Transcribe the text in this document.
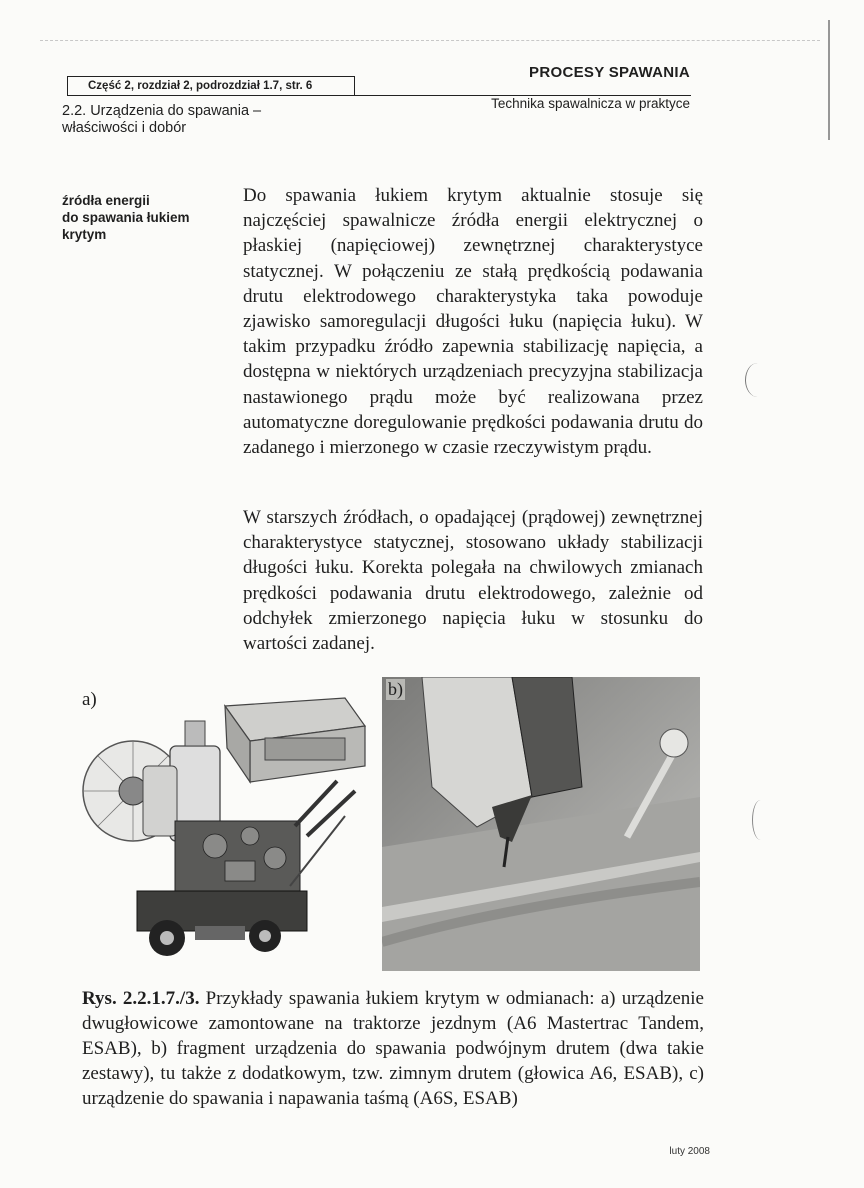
Część 2, rozdział 2, podrozdział 1.7, str. 6
PROCESY SPAWANIA
Technika spawalnicza w praktyce
2.2. Urządzenia do spawania –
właściwości i dobór
źródła energii
do spawania łukiem
krytym
Do spawania łukiem krytym aktualnie stosuje się najczęściej spawalnicze źródła energii elektrycznej o płaskiej (napięciowej) zewnętrznej charakterystyce statycznej. W połączeniu ze stałą prędkością podawania drutu elektrodowego charakterystyka taka powoduje zjawisko samoregulacji długości łuku (napięcia łuku). W takim przypadku źródło zapewnia stabilizację napięcia, a dostępna w niektórych urządzeniach precyzyjna stabilizacja nastawionego prądu może być realizowana przez automatyczne doregulowanie prędkości podawania drutu do zadanego i mierzonego w czasie rzeczywistym prądu.
W starszych źródłach, o opadającej (prądowej) zewnętrznej charakterystyce statycznej, stosowano układy stabilizacji długości łuku. Korekta polegała na chwilowych zmianach prędkości podawania drutu elektrodowego, zależnie od odchyłek zmierzonego napięcia łuku w stosunku do wartości zadanej.
a)	b)
Rys. 2.2.1.7./3. Przykłady spawania łukiem krytym w odmianach: a) urządzenie dwugłowicowe zamontowane na traktorze jezdnym (A6 Mastertrac Tandem, ESAB), b) fragment urządzenia do spawania podwójnym drutem (dwa takie zestawy), tu także z dodatkowym, tzw. zimnym drutem (głowica A6, ESAB), c) urządzenie do spawania i napawania taśmą (A6S, ESAB)
luty 2008
